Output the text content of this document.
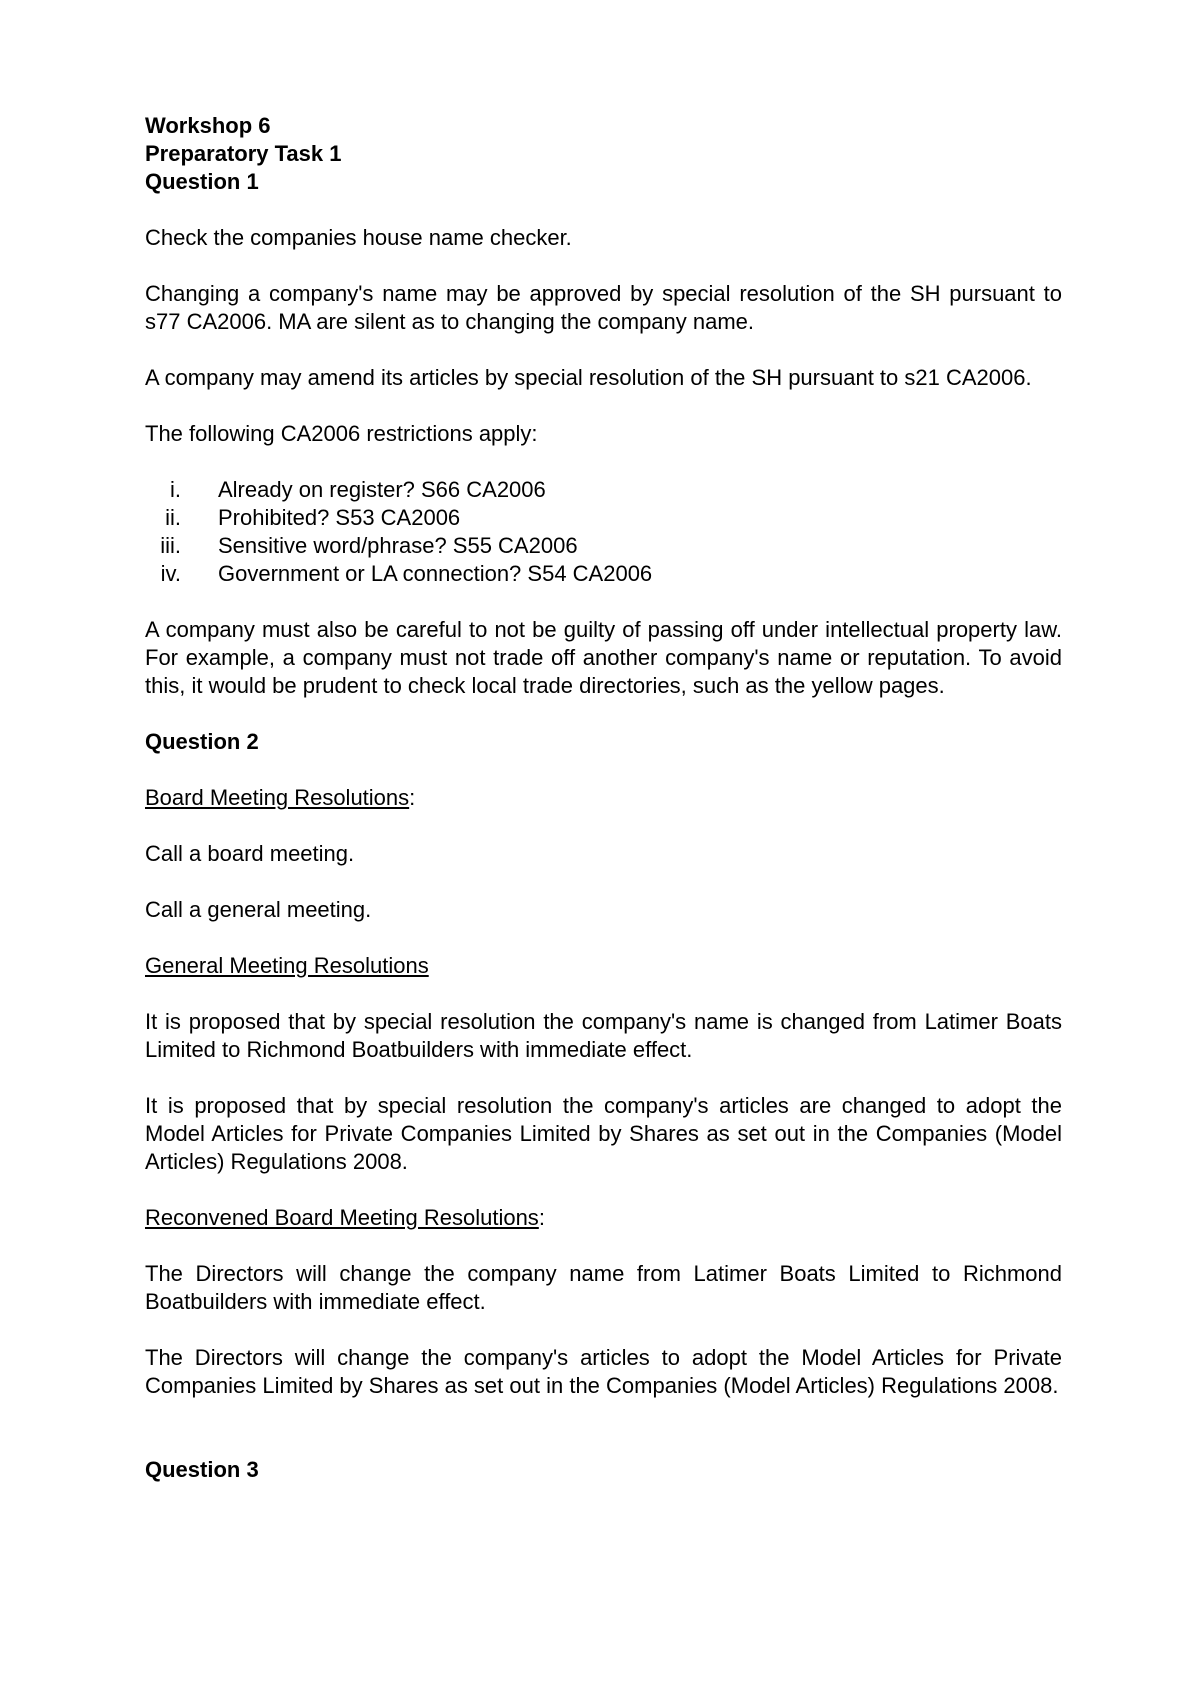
Workshop 6
Preparatory Task 1
Question 1

Check the companies house name checker.

Changing a company's name may be approved by special resolution of the SH pursuant to s77 CA2006. MA are silent as to changing the company name.

A company may amend its articles by special resolution of the SH pursuant to s21 CA2006.

The following CA2006 restrictions apply:

i. Already on register? S66 CA2006
ii. Prohibited? S53 CA2006
iii. Sensitive word/phrase? S55 CA2006
iv. Government or LA connection? S54 CA2006

A company must also be careful to not be guilty of passing off under intellectual property law. For example, a company must not trade off another company's name or reputation. To avoid this, it would be prudent to check local trade directories, such as the yellow pages.

Question 2
Board Meeting Resolutions:

Call a board meeting.

Call a general meeting.

General Meeting Resolutions

It is proposed that by special resolution the company's name is changed from Latimer Boats Limited to Richmond Boatbuilders with immediate effect.

It is proposed that by special resolution the company's articles are changed to adopt the Model Articles for Private Companies Limited by Shares as set out in the Companies (Model Articles) Regulations 2008.

Reconvened Board Meeting Resolutions:

The Directors will change the company name from Latimer Boats Limited to Richmond Boatbuilders with immediate effect.

The Directors will change the company's articles to adopt the Model Articles for Private Companies Limited by Shares as set out in the Companies (Model Articles) Regulations 2008.

Question 3
